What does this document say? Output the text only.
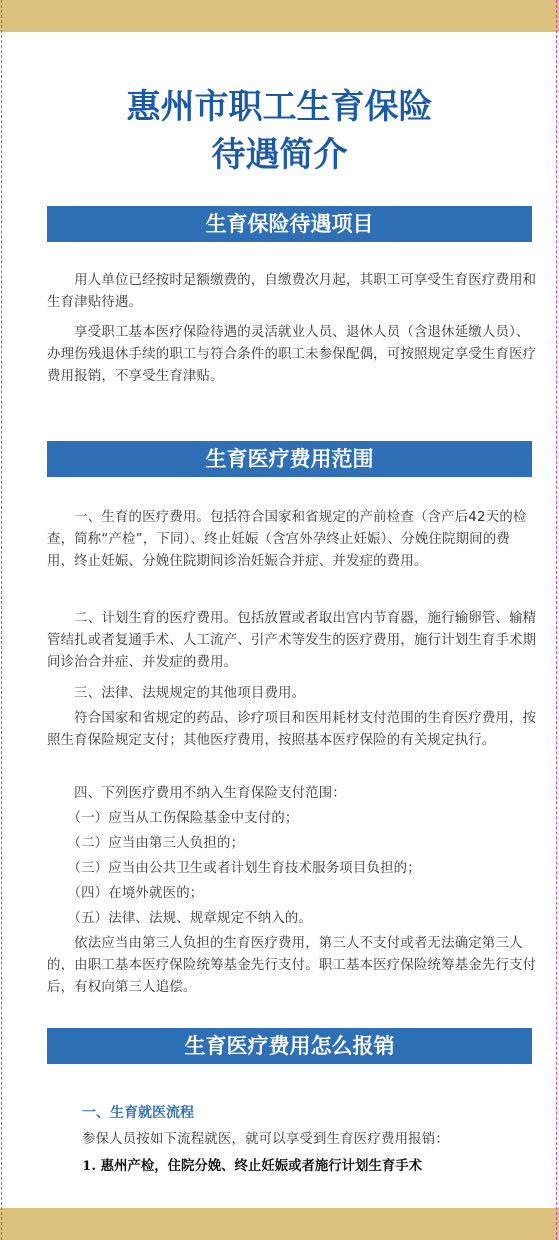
惠州市职工生育保险
待遇简介
生育保险待遇项目
　　用人单位已经按时足额缴费的，自缴费次月起，其职工可享受生育医疗费用和生育津贴待遇。
　　享受职工基本医疗保险待遇的灵活就业人员、退休人员（含退休延缴人员）、办理伤残退休手续的职工与符合条件的职工未参保配偶，可按照规定享受生育医疗费用报销，不享受生育津贴。
生育医疗费用范围
　　一、生育的医疗费用。包括符合国家和省规定的产前检查（含产后42天的检查，简称“产检”，下同）、终止妊娠（含宫外孕终止妊娠）、分娩住院期间的费用，终止妊娠、分娩住院期间诊治妊娠合并症、并发症的费用。
　　二、计划生育的医疗费用。包括放置或者取出宫内节育器，施行输卵管、输精管结扎或者复通手术、人工流产、引产术等发生的医疗费用，施行计划生育手术期间诊治合并症、并发症的费用。
　　三、法律、法规规定的其他项目费用。
　　符合国家和省规定的药品、诊疗项目和医用耗材支付范围的生育医疗费用，按照生育保险规定支付；其他医疗费用，按照基本医疗保险的有关规定执行。
　　四、下列医疗费用不纳入生育保险支付范围：
　　（一）应当从工伤保险基金中支付的；
　　（二）应当由第三人负担的；
　　（三）应当由公共卫生或者计划生育技术服务项目负担的；
　　（四）在境外就医的；
　　（五）法律、法规、规章规定不纳入的。
　　依法应当由第三人负担的生育医疗费用，第三人不支付或者无法确定第三人的，由职工基本医疗保险统筹基金先行支付。职工基本医疗保险统筹基金先行支付后，有权向第三人追偿。
生育医疗费用怎么报销
一、生育就医流程
参保人员按如下流程就医，就可以享受到生育医疗费用报销：
1. 惠州产检，住院分娩、终止妊娠或者施行计划生育手术
